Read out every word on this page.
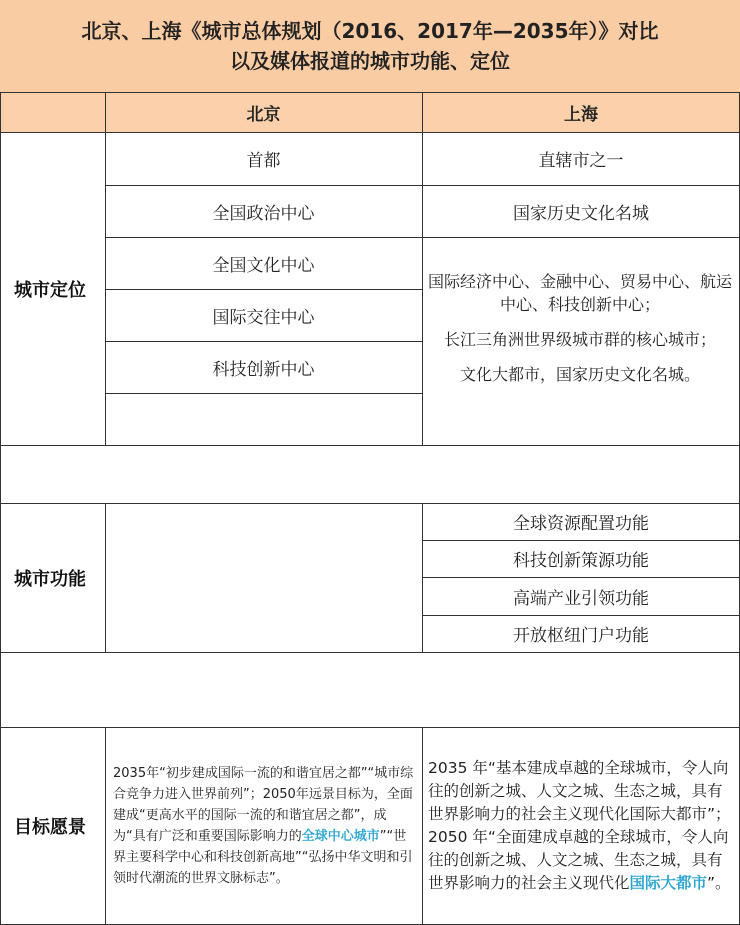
北京、上海《城市总体规划（2016、2017年—2035年）》对比
以及媒体报道的城市功能、定位
北京	上海
城市定位
首都
全国政治中心
全国文化中心
国际交往中心
科技创新中心
直辖市之一
国家历史文化名城

国际经济中心、金融中心、贸易中心、航运中心、科技创新中心；

长江三角洲世界级城市群的核心城市；

文化大都市，国家历史文化名城。

城市功能
全球资源配置功能
科技创新策源功能
高端产业引领功能
开放枢纽门户功能
目标愿景
2035年“初步建成国际一流的和谐宜居之都”“城市综合竞争力进入世界前列”；2050年远景目标为，全面建成“更高水平的国际一流的和谐宜居之都”，成为“具有广泛和重要国际影响力的全球中心城市”“世界主要科学中心和科技创新高地”“弘扬中华文明和引领时代潮流的世界文脉标志”。
2035 年“基本建成卓越的全球城市，令人向往的创新之城、人文之城、生态之城，具有世界影响力的社会主义现代化国际大都市”；2050 年“全面建成卓越的全球城市，令人向往的创新之城、人文之城、生态之城，具有世界影响力的社会主义现代化国际大都市”。
